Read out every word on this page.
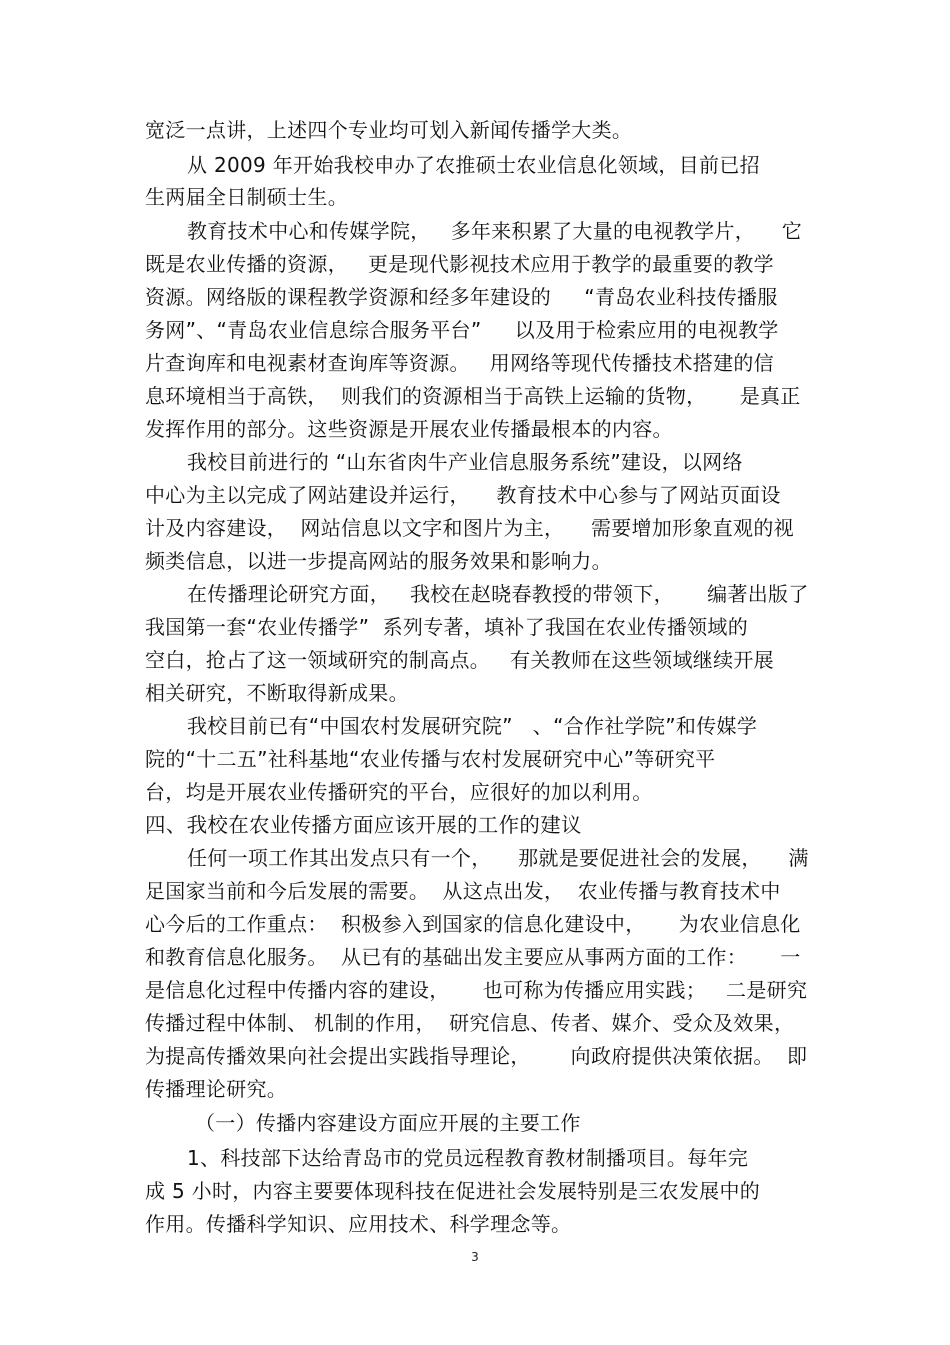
宽泛一点讲，上述四个专业均可划入新闻传播学大类。
从 2009 年开始我校申办了农推硕士农业信息化领域，目前已招
生两届全日制硕士生。
教育技术中心和传媒学院，   多年来积累了大量的电视教学片，    它
既是农业传播的资源，   更是现代影视技术应用于教学的最重要的教学
资源。网络版的课程教学资源和经多年建设的     “青岛农业科技传播服
务网”、“青岛农业信息综合服务平台”     以及用于检索应用的电视教学
片查询库和电视素材查询库等资源。   用网络等现代传播技术搭建的信
息环境相当于高铁，  则我们的资源相当于高铁上运输的货物，     是真正
发挥作用的部分。这些资源是开展农业传播最根本的内容。
我校目前进行的 “山东省肉牛产业信息服务系统”建设，以网络
中心为主以完成了网站建设并运行，    教育技术中心参与了网站页面设
计及内容建设，  网站信息以文字和图片为主，    需要增加形象直观的视
频类信息，以进一步提高网站的服务效果和影响力。
在传播理论研究方面，   我校在赵晓春教授的带领下，     编著出版了
我国第一套“农业传播学”  系列专著，填补了我国在农业传播领域的
空白，抢占了这一领域研究的制高点。   有关教师在这些领域继续开展
相关研究，不断取得新成果。
我校目前已有“中国农村发展研究院”   、“合作社学院”和传媒学
院的“十二五”社科基地“农业传播与农村发展研究中心”等研究平
台，均是开展农业传播研究的平台，应很好的加以利用。
四、我校在农业传播方面应该开展的工作的建议
任何一项工作其出发点只有一个，    那就是要促进社会的发展，    满
足国家当前和今后发展的需要。  从这点出发，  农业传播与教育技术中
心今后的工作重点：  积极参入到国家的信息化建设中，     为农业信息化
和教育信息化服务。  从已有的基础出发主要应从事两方面的工作：     一
是信息化过程中传播内容的建设，     也可称为传播应用实践；   二是研究
传播过程中体制、 机制的作用，  研究信息、传者、媒介、受众及效果，
为提高传播效果向社会提出实践指导理论，      向政府提供决策依据。  即
传播理论研究。
（一）传播内容建设方面应开展的主要工作
1、科技部下达给青岛市的党员远程教育教材制播项目。每年完
成 5 小时，内容主要要体现科技在促进社会发展特别是三农发展中的
作用。传播科学知识、应用技术、科学理念等。
3
